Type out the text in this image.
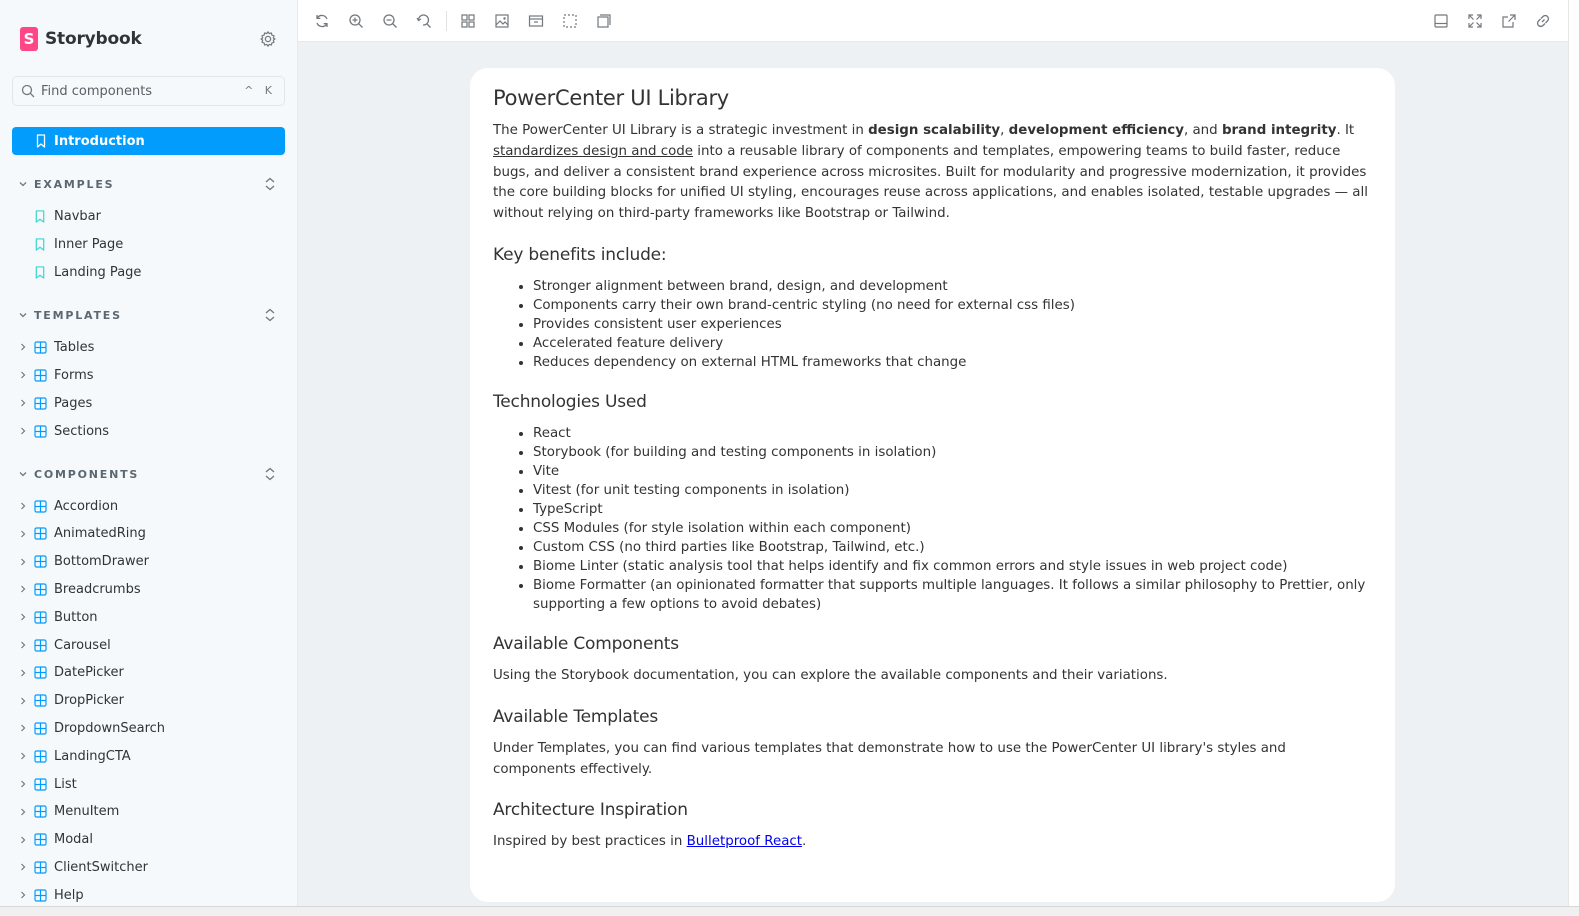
S Storybook
Find components
^ K
Introduction
EXAMPLES
Navbar
Inner Page
Landing Page
TEMPLATES
COMPONENTS
Tables
Forms
Pages
Sections
Accordion
AnimatedRing
BottomDrawer
Breadcrumbs
Button
Carousel
DatePicker
DropPicker
DropdownSearch
LandingCTA
List
MenuItem
Modal
ClientSwitcher
Help
PowerCenter UI Library

The PowerCenter UI Library is a strategic investment in design scalability, development efficiency, and brand integrity. It standardizes design and code into a reusable library of components and templates, empowering teams to build faster, reduce bugs, and deliver a consistent brand experience across microsites. Built for modularity and progressive modernization, it provides the core building blocks for unified UI styling, encourages reuse across applications, and enables isolated, testable upgrades — all without relying on third-party frameworks like Bootstrap or Tailwind.

Key benefits include:
• Stronger alignment between brand, design, and development
• Components carry their own brand-centric styling (no need for external css files)
• Provides consistent user experiences
• Accelerated feature delivery
• Reduces dependency on external HTML frameworks that change
Technologies Used
• React
• Storybook (for building and testing components in isolation)
• Vite
• Vitest (for unit testing components in isolation)
• TypeScript
• CSS Modules (for style isolation within each component)
• Custom CSS (no third parties like Bootstrap, Tailwind, etc.)
• Biome Linter (static analysis tool that helps identify and fix common errors and style issues in web project code)
• Biome Formatter (an opinionated formatter that supports multiple languages. It follows a similar philosophy to Prettier, only supporting a few options to avoid debates)
Available Components

Using the Storybook documentation, you can explore the available components and their variations.

Available Templates

Under Templates, you can find various templates that demonstrate how to use the PowerCenter UI library's styles and components effectively.

Architecture Inspiration

Inspired by best practices in Bulletproof React.
